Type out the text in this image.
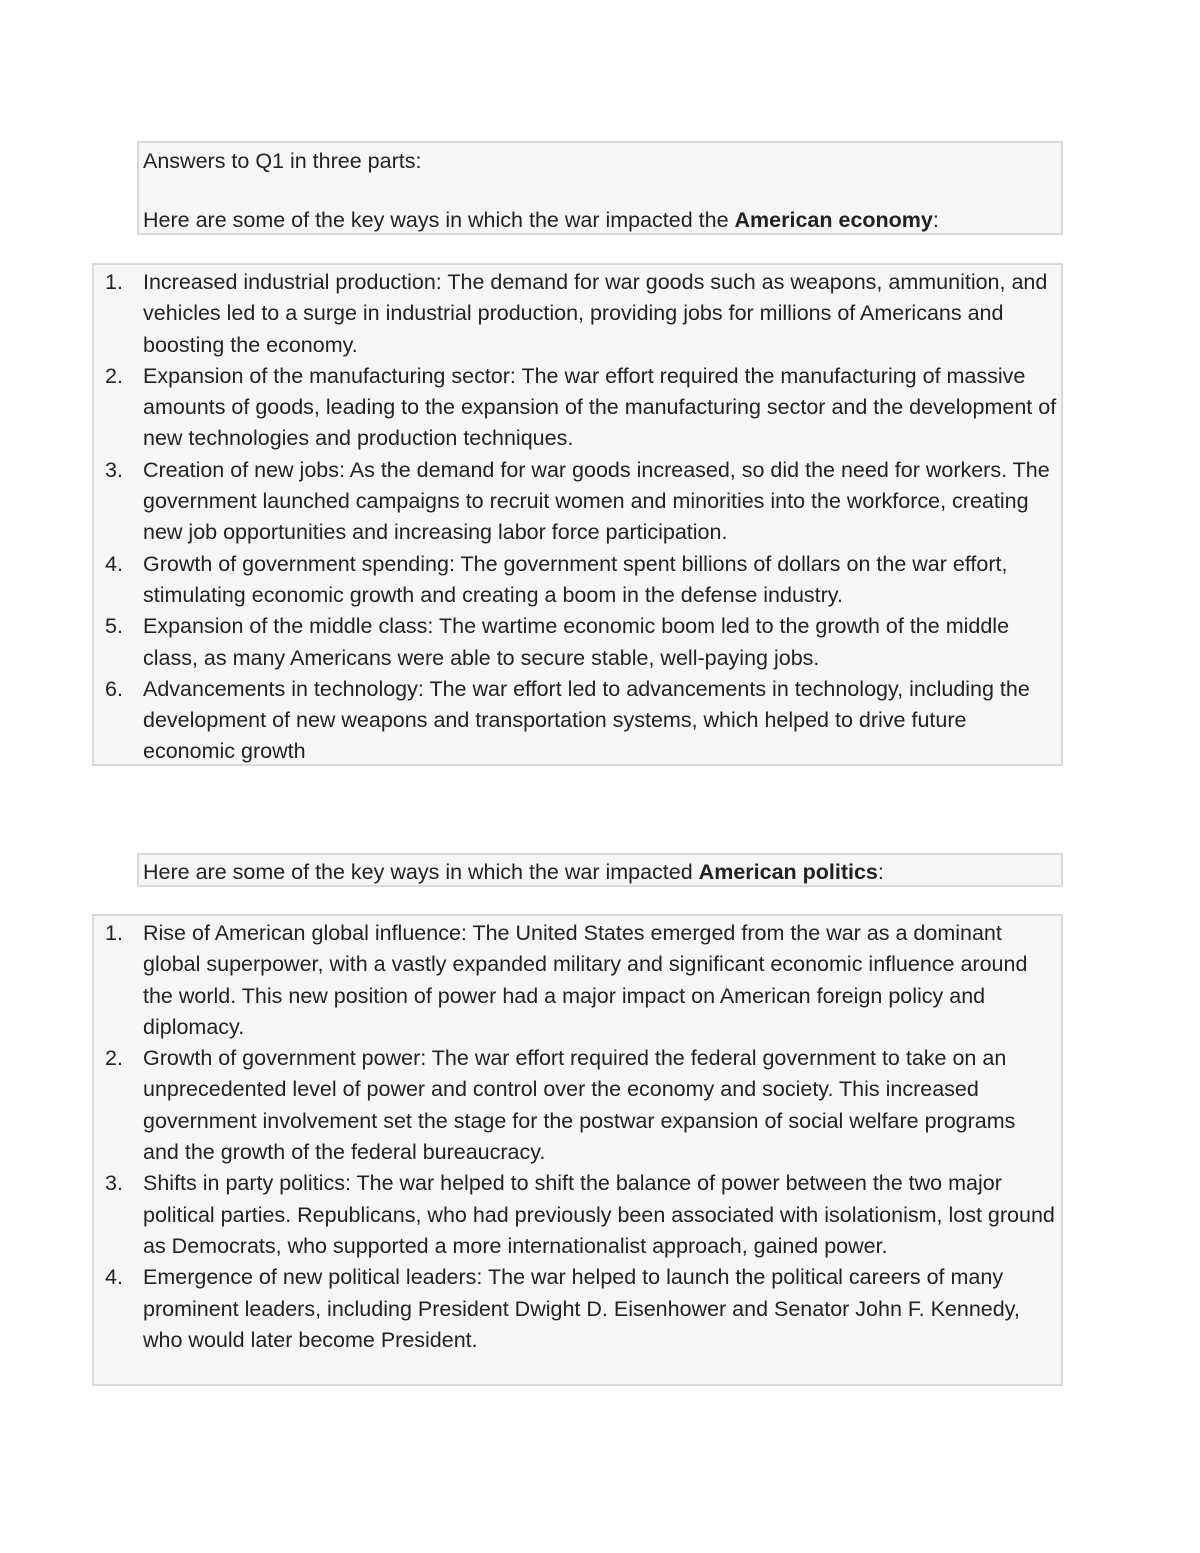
Answers to Q1 in three parts:

Here are some of the key ways in which the war impacted the American economy:

1. Increased industrial production: The demand for war goods such as weapons, ammunition, and vehicles led to a surge in industrial production, providing jobs for millions of Americans and boosting the economy.
2. Expansion of the manufacturing sector: The war effort required the manufacturing of massive amounts of goods, leading to the expansion of the manufacturing sector and the development of new technologies and production techniques.
3. Creation of new jobs: As the demand for war goods increased, so did the need for workers. The government launched campaigns to recruit women and minorities into the workforce, creating new job opportunities and increasing labor force participation.
4. Growth of government spending: The government spent billions of dollars on the war effort, stimulating economic growth and creating a boom in the defense industry.
5. Expansion of the middle class: The wartime economic boom led to the growth of the middle class, as many Americans were able to secure stable, well-paying jobs.
6. Advancements in technology: The war effort led to advancements in technology, including the development of new weapons and transportation systems, which helped to drive future economic growth

Here are some of the key ways in which the war impacted American politics:

1. Rise of American global influence: The United States emerged from the war as a dominant global superpower, with a vastly expanded military and significant economic influence around the world. This new position of power had a major impact on American foreign policy and diplomacy.
2. Growth of government power: The war effort required the federal government to take on an unprecedented level of power and control over the economy and society. This increased government involvement set the stage for the postwar expansion of social welfare programs and the growth of the federal bureaucracy.
3. Shifts in party politics: The war helped to shift the balance of power between the two major political parties. Republicans, who had previously been associated with isolationism, lost ground as Democrats, who supported a more internationalist approach, gained power.
4. Emergence of new political leaders: The war helped to launch the political careers of many prominent leaders, including President Dwight D. Eisenhower and Senator John F. Kennedy, who would later become President.
